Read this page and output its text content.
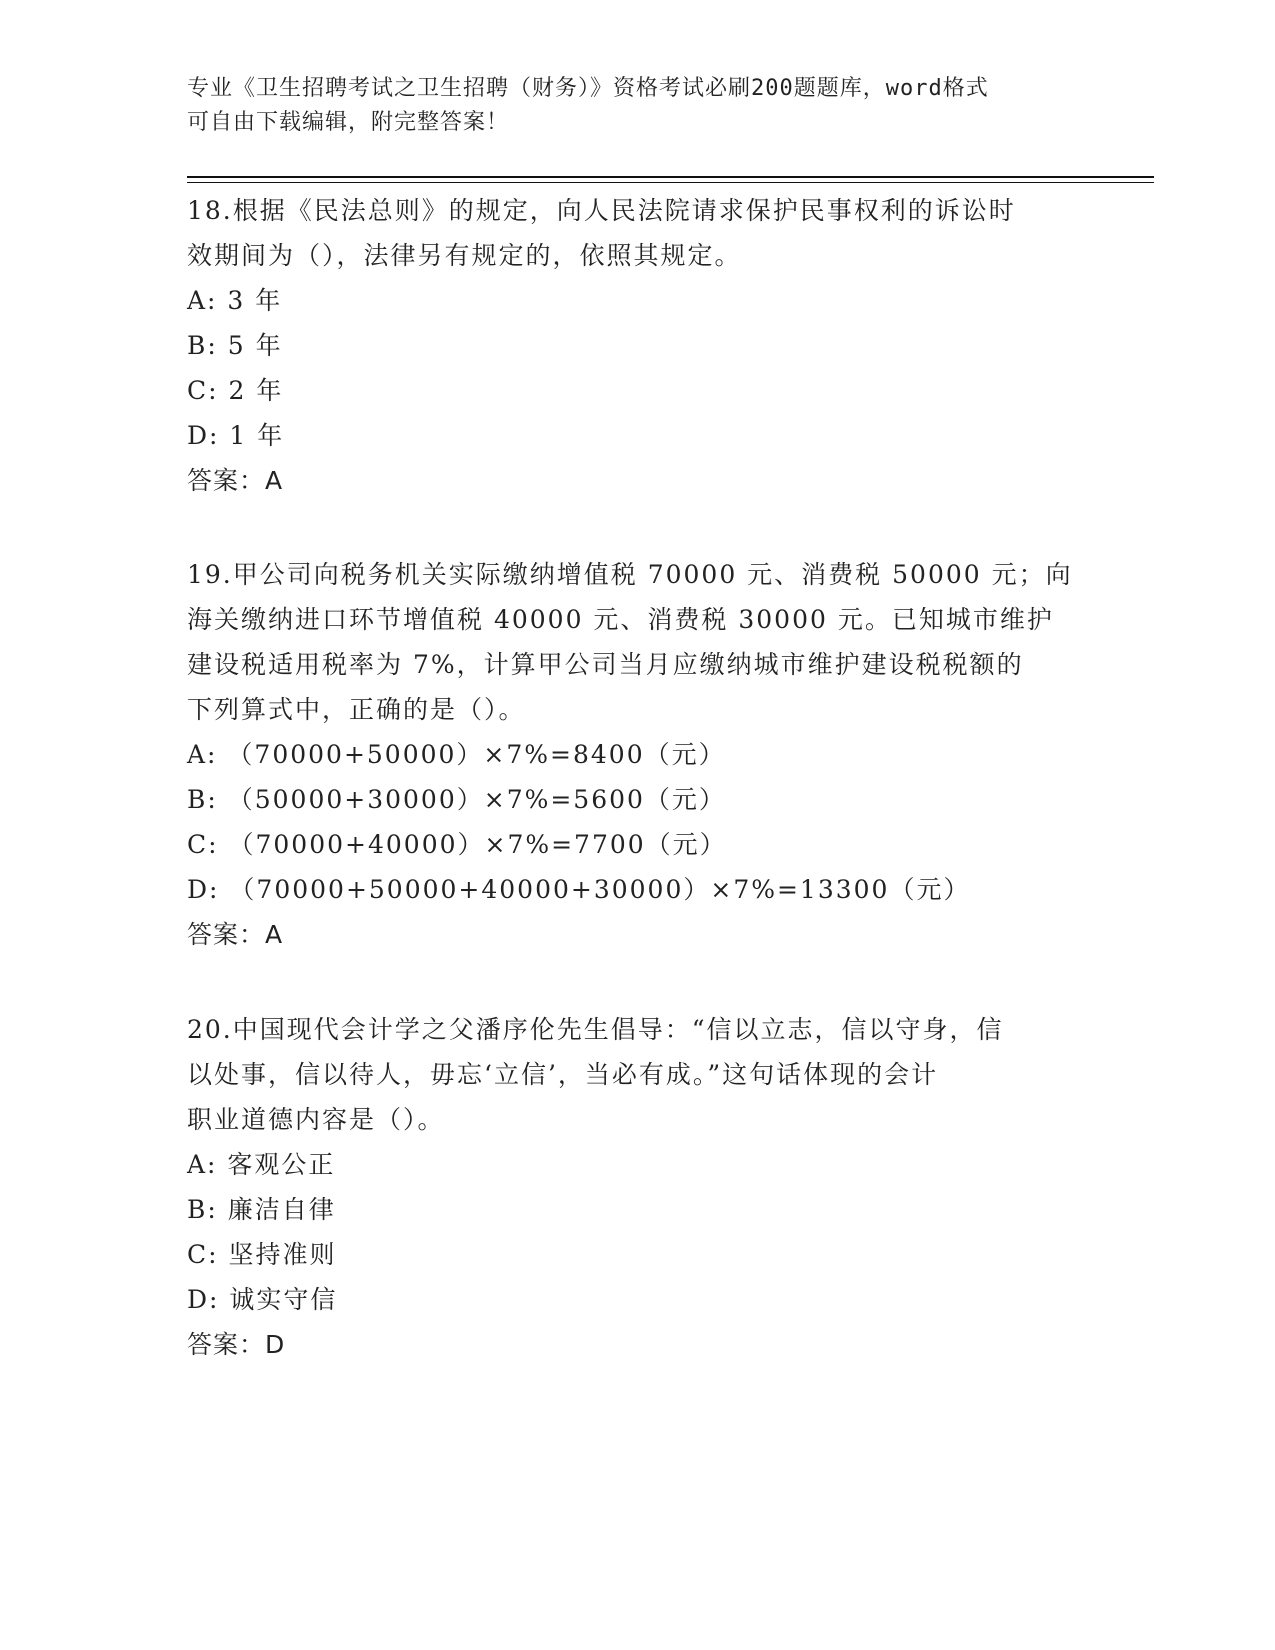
专业《卫生招聘考试之卫生招聘（财务）》资格考试必刷200题题库，word格式
可自由下载编辑，附完整答案！
18.根据《民法总则》的规定，向人民法院请求保护民事权利的诉讼时
效期间为（），法律另有规定的，依照其规定。
A: 3 年
B: 5 年
C: 2 年
D: 1 年
答案：A
19.甲公司向税务机关实际缴纳增值税 70000 元、消费税 50000 元；向
海关缴纳进口环节增值税 40000 元、消费税 30000 元。已知城市维护
建设税适用税率为 7%，计算甲公司当月应缴纳城市维护建设税税额的
下列算式中，正确的是（）。
A: （70000+50000）×7%=8400（元）
B: （50000+30000）×7%=5600（元）
C: （70000+40000）×7%=7700（元）
D: （70000+50000+40000+30000）×7%=13300（元）
答案：A
20.中国现代会计学之父潘序伦先生倡导：“信以立志，信以守身，信
以处事，信以待人，毋忘‘立信’，当必有成。”这句话体现的会计
职业道德内容是（）。
A: 客观公正
B: 廉洁自律
C: 坚持准则
D: 诚实守信
答案：D
